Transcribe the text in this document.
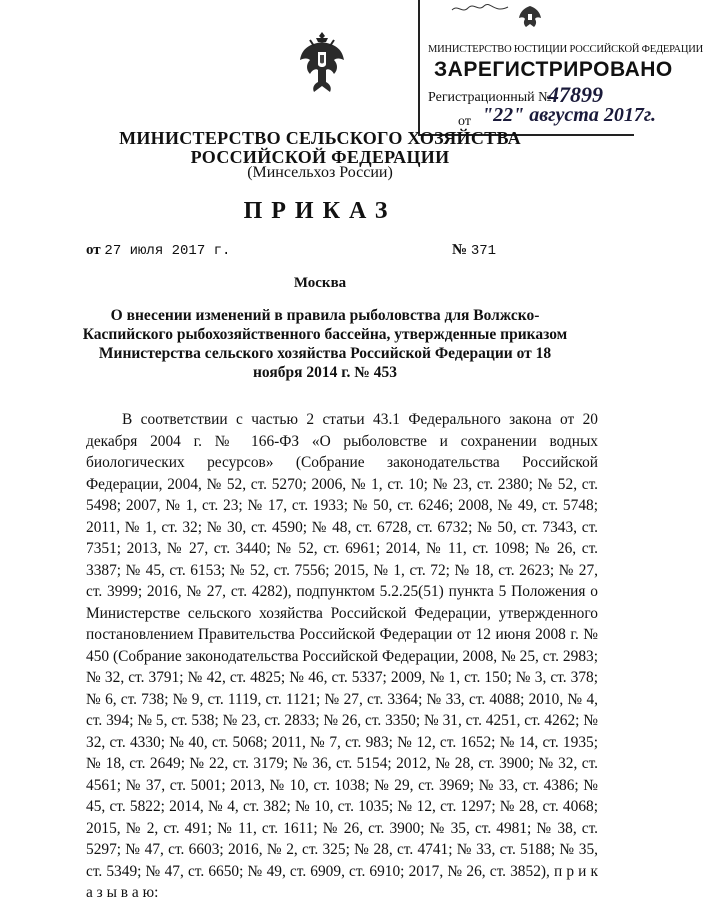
МИНИСТЕРСТВО ЮСТИЦИИ РОССИЙСКОЙ ФЕДЕРАЦИИ
ЗАРЕГИСТРИРОВАНО
Регистрационный №
47899
от "22" августа 2017г.
МИНИСТЕРСТВО СЕЛЬСКОГО ХОЗЯЙСТВА
РОССИЙСКОЙ ФЕДЕРАЦИИ
(Минсельхоз России)
ПРИКАЗ
от 27 июля 2017 г.	№ 371
Москва
О внесении изменений в правила рыболовства для Волжско-Каспийского рыбохозяйственного бассейна, утвержденные приказом Министерства сельского хозяйства Российской Федерации от 18 ноября 2014 г. № 453
В соответствии с частью 2 статьи 43.1 Федерального закона от 20 декабря 2004 г. № 166-ФЗ «О рыболовстве и сохранении водных биологических ресурсов» (Собрание законодательства Российской Федерации, 2004, № 52, ст. 5270; 2006, № 1, ст. 10; № 23, ст. 2380; № 52, ст. 5498; 2007, № 1, ст. 23; № 17, ст. 1933; № 50, ст. 6246; 2008, № 49, ст. 5748; 2011, № 1, ст. 32; № 30, ст. 4590; № 48, ст. 6728, ст. 6732; № 50, ст. 7343, ст. 7351; 2013, № 27, ст. 3440; № 52, ст. 6961; 2014, № 11, ст. 1098; № 26, ст. 3387; № 45, ст. 6153; № 52, ст. 7556; 2015, № 1, ст. 72; № 18, ст. 2623; № 27, ст. 3999; 2016, № 27, ст. 4282), подпунктом 5.2.25(51) пункта 5 Положения о Министерстве сельского хозяйства Российской Федерации, утвержденного постановлением Правительства Российской Федерации от 12 июня 2008 г. № 450 (Собрание законодательства Российской Федерации, 2008, № 25, ст. 2983; № 32, ст. 3791; № 42, ст. 4825; № 46, ст. 5337; 2009, № 1, ст. 150; № 3, ст. 378; № 6, ст. 738; № 9, ст. 1119, ст. 1121; № 27, ст. 3364; № 33, ст. 4088; 2010, № 4, ст. 394; № 5, ст. 538; № 23, ст. 2833; № 26, ст. 3350; № 31, ст. 4251, ст. 4262; № 32, ст. 4330; № 40, ст. 5068; 2011, № 7, ст. 983; № 12, ст. 1652; № 14, ст. 1935; № 18, ст. 2649; № 22, ст. 3179; № 36, ст. 5154; 2012, № 28, ст. 3900; № 32, ст. 4561; № 37, ст. 5001; 2013, № 10, ст. 1038; № 29, ст. 3969; № 33, ст. 4386; № 45, ст. 5822; 2014, № 4, ст. 382; № 10, ст. 1035; № 12, ст. 1297; № 28, ст. 4068; 2015, № 2, ст. 491; № 11, ст. 1611; № 26, ст. 3900; № 35, ст. 4981; № 38, ст. 5297; № 47, ст. 6603; 2016, № 2, ст. 325; № 28, ст. 4741; № 33, ст. 5188; № 35, ст. 5349; № 47, ст. 6650; № 49, ст. 6909, ст. 6910; 2017, № 26, ст. 3852), п р и к а з ы в а ю:
